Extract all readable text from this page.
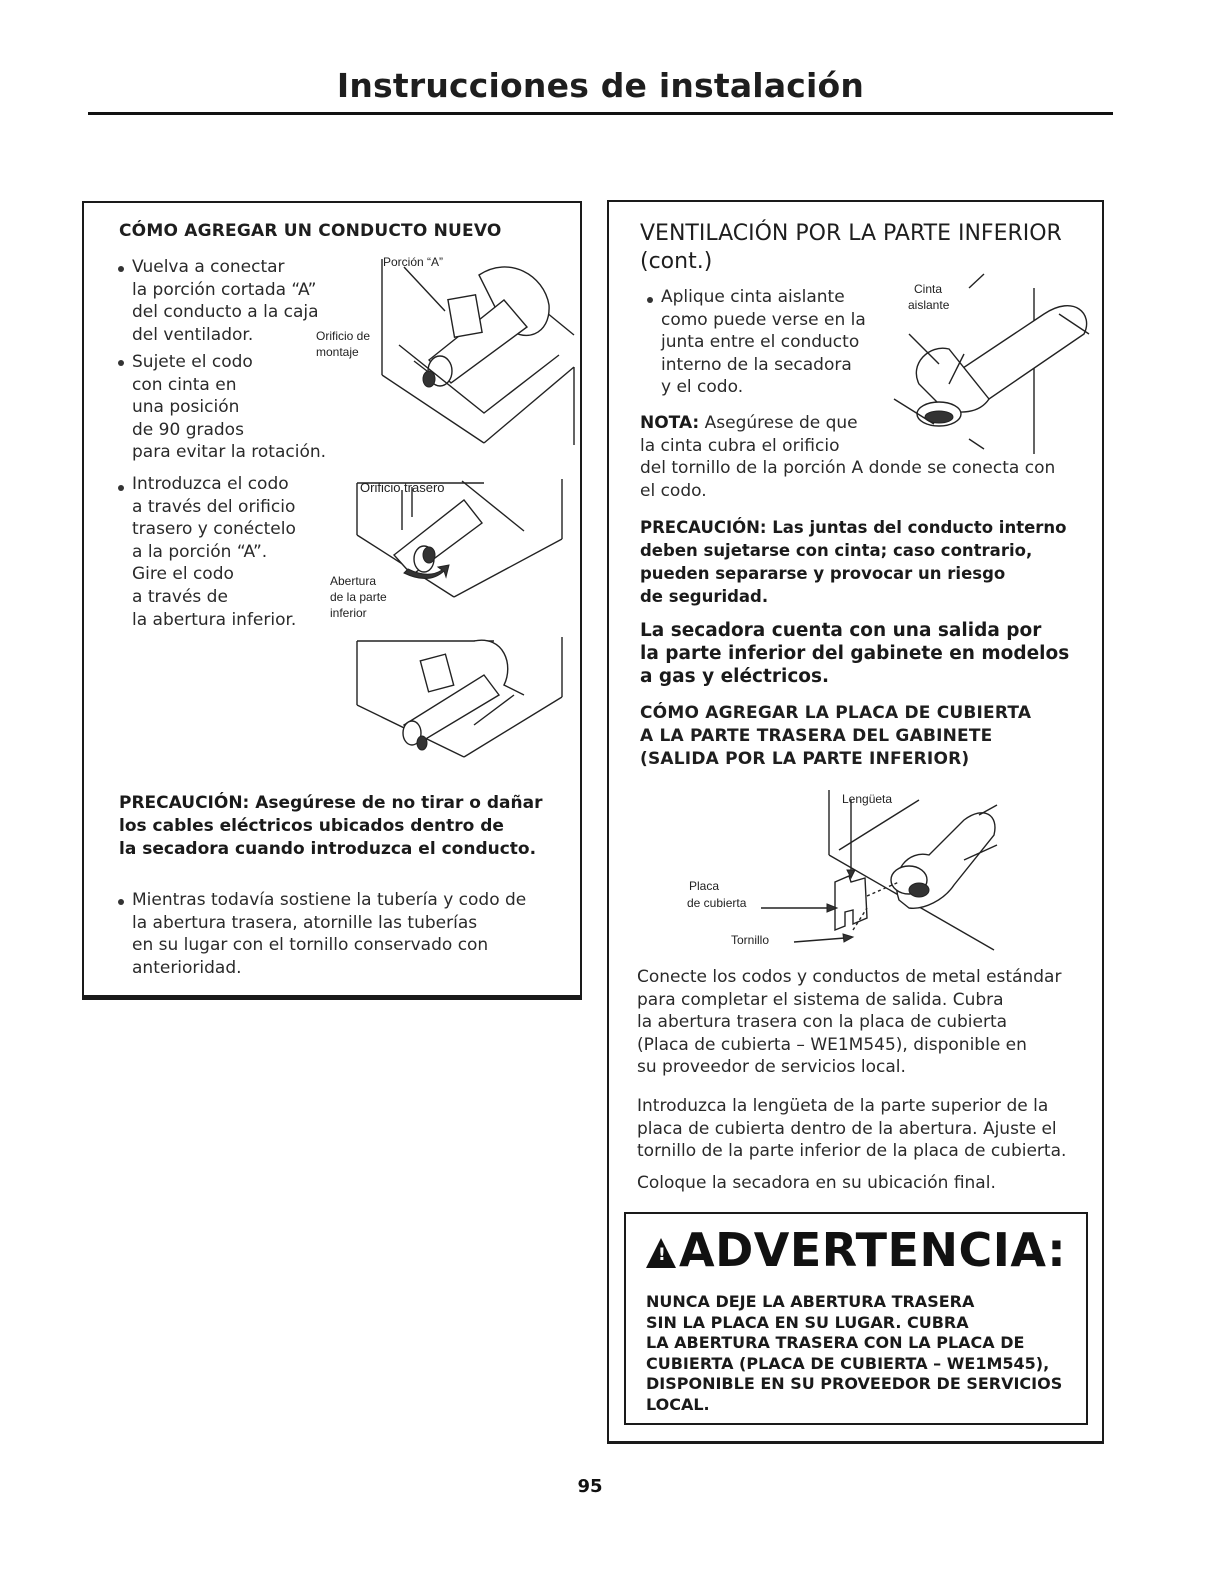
Instrucciones de instalación
CÓMO AGREGAR UN CONDUCTO NUEVO
Vuelva a conectar
la porción cortada “A”
del conducto a la caja
del ventilador.
Sujete el codo
con cinta en
una posición
de 90 grados
para evitar la rotación.
Introduzca el codo
a través del orificio
trasero y conéctelo
a la porción “A”.
Gire el codo
a través de
la abertura inferior.
Porción “A”
Orificio de
montaje
Orificio trasero
Abertura
de la parte
inferior
PRECAUCIÓN: Asegúrese de no tirar o dañar
los cables eléctricos ubicados dentro de
la secadora cuando introduzca el conducto.
Mientras todavía sostiene la tubería y codo de
la abertura trasera, atornille las tuberías
en su lugar con el tornillo conservado con
anterioridad.
VENTILACIÓN POR LA PARTE INFERIOR
(cont.)
Aplique cinta aislante
como puede verse en la
junta entre el conducto
interno de la secadora
y el codo.
Cinta
aislante
NOTA: Asegúrese de que
la cinta cubra el orificio
del tornillo de la porción A donde se conecta con
el codo.
PRECAUCIÓN: Las juntas del conducto interno
deben sujetarse con cinta; caso contrario,
pueden separarse y provocar un riesgo
de seguridad.
La secadora cuenta con una salida por
la parte inferior del gabinete en modelos
a gas y eléctricos.
CÓMO AGREGAR LA PLACA DE CUBIERTA
A LA PARTE TRASERA DEL GABINETE
(SALIDA POR LA PARTE INFERIOR)
Lengüeta
Placa
de cubierta
Tornillo
Conecte los codos y conductos de metal estándar
para completar el sistema de salida. Cubra
la abertura trasera con la placa de cubierta
(Placa de cubierta – WE1M545), disponible en
su proveedor de servicios local.
Introduzca la lengüeta de la parte superior de la
placa de cubierta dentro de la abertura. Ajuste el
tornillo de la parte inferior de la placa de cubierta.
Coloque la secadora en su ubicación final.
!ADVERTENCIA:
NUNCA DEJE LA ABERTURA TRASERA
SIN LA PLACA EN SU LUGAR. CUBRA
LA ABERTURA TRASERA CON LA PLACA DE
CUBIERTA (PLACA DE CUBIERTA – WE1M545),
DISPONIBLE EN SU PROVEEDOR DE SERVICIOS
LOCAL.
95
